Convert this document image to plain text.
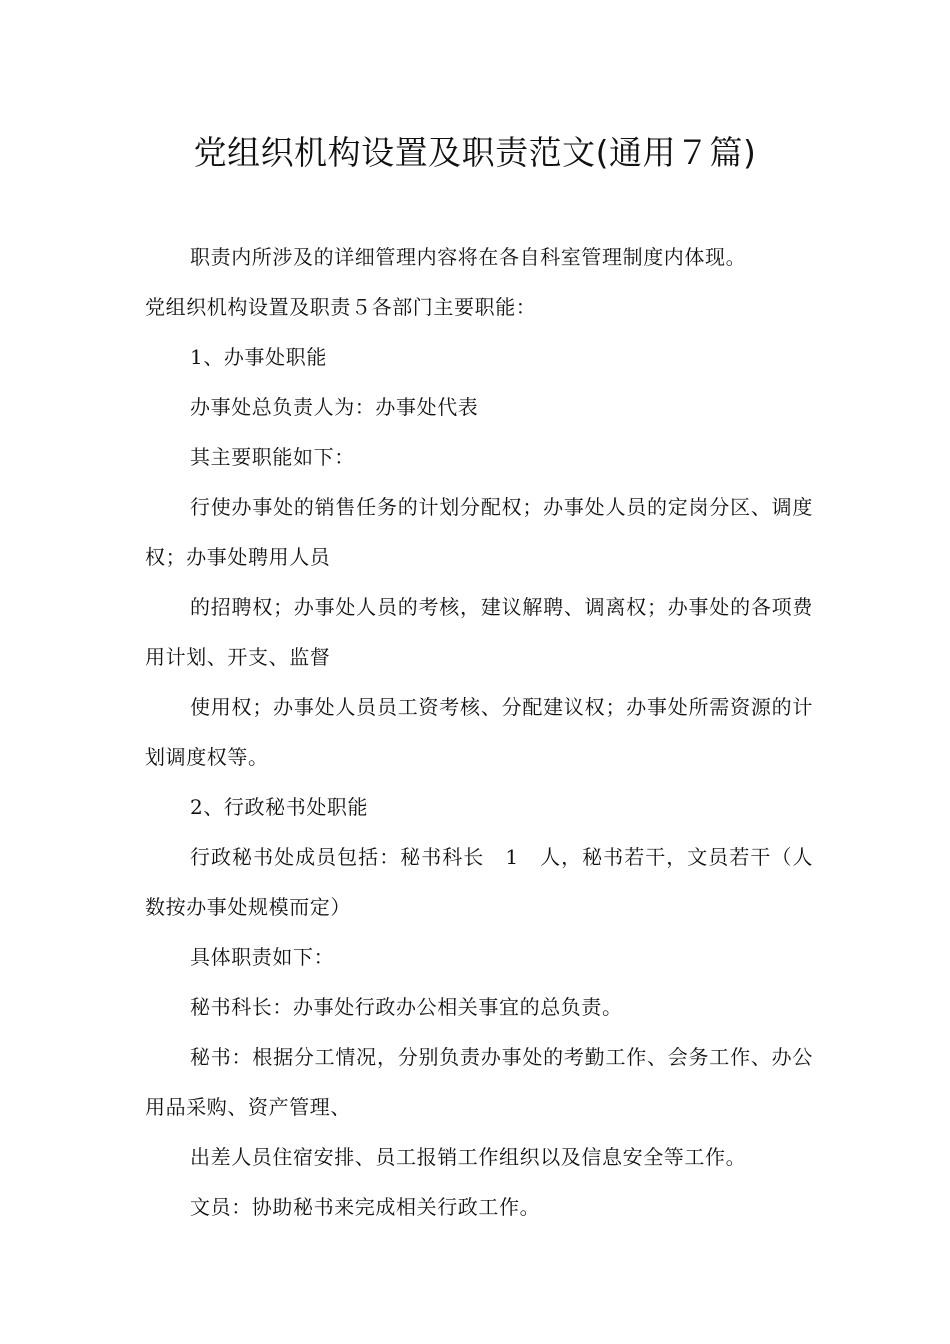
党组织机构设置及职责范文(通用７篇)

职责内所涉及的详细管理内容将在各自科室管理制度内体现。

党组织机构设置及职责５各部门主要职能：

1、办事处职能

办事处总负责人为：办事处代表

其主要职能如下：

行使办事处的销售任务的计划分配权；办事处人员的定岗分区、调度权；办事处聘用人员

的招聘权；办事处人员的考核，建议解聘、调离权；办事处的各项费用计划、开支、监督

使用权；办事处人员员工资考核、分配建议权；办事处所需资源的计划调度权等。

2、行政秘书处职能

行政秘书处成员包括：秘书科长　1　人，秘书若干，文员若干（人数按办事处规模而定）

具体职责如下：

秘书科长：办事处行政办公相关事宜的总负责。

秘书：根据分工情况，分别负责办事处的考勤工作、会务工作、办公用品采购、资产管理、

出差人员住宿安排、员工报销工作组织以及信息安全等工作。

文员：协助秘书来完成相关行政工作。
